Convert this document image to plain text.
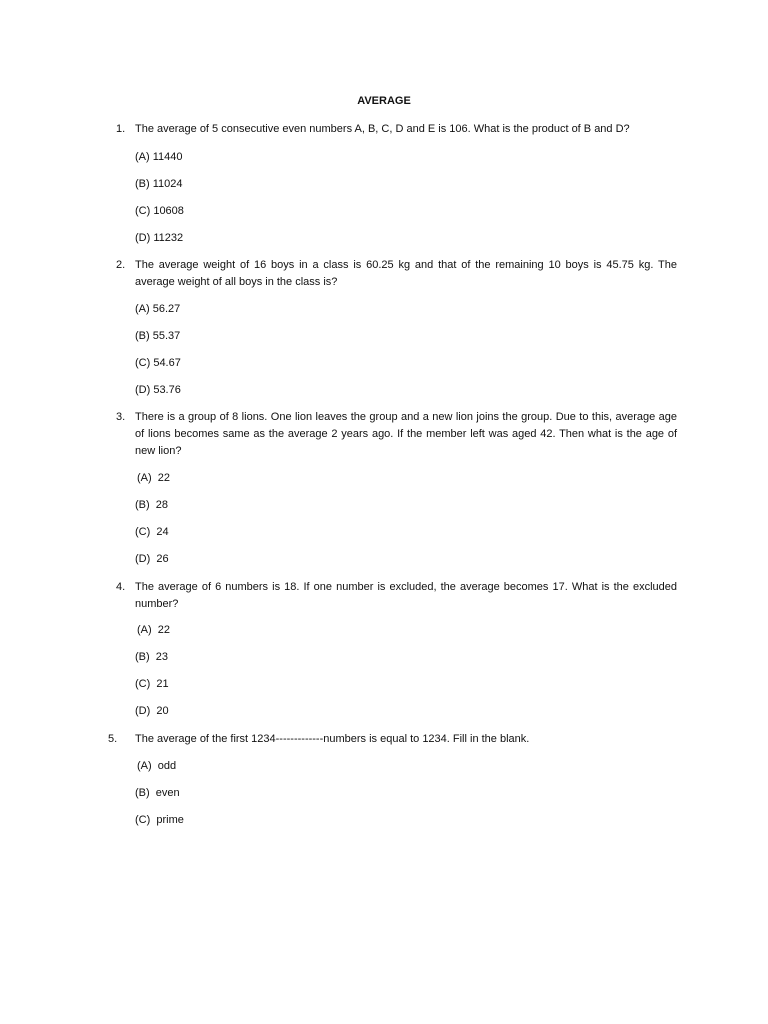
AVERAGE
1. The average of 5 consecutive even numbers A, B, C, D and E is 106. What is the product of B and D?
(A) 11440
(B) 11024
(C) 10608
(D) 11232
2. The average weight of 16 boys in a class is 60.25 kg and that of the remaining 10 boys is 45.75 kg. The average weight of all boys in the class is?
(A) 56.27
(B) 55.37
(C) 54.67
(D) 53.76
3. There is a group of 8 lions. One lion leaves the group and a new lion joins the group. Due to this, average age of lions becomes same as the average 2 years ago. If the member left was aged 42. Then what is the age of new lion?
(A)  22
(B)  28
(C)  24
(D)  26
4. The average of 6 numbers is 18. If one number is excluded, the average becomes 17. What is the excluded number?
(A)  22
(B)  23
(C)  21
(D)  20
5. The average of the first 1234-------------numbers is equal to 1234. Fill in the blank.
(A)  odd
(B)  even
(C)  prime
